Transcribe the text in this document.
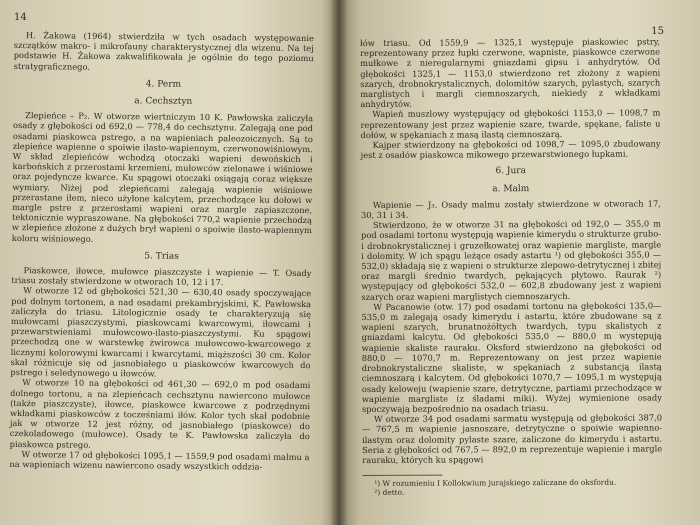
14

H. Żakowa (1964) stwierdziła w tych osadach występowanie szczątków makro- i mikrofauny charakterystycznej dla wizenu. Na tej podstawie H. Żakowa zakwalifikowała je ogólnie do tego poziomu stratygraficznego.

4. Perm
a. Cechsztyn

Zlepieńce – P₂. W otworze wiertniczym 10 K. Pawłowska zaliczyła osady z głębokości od 692,0 — 778,4 do cechsztynu. Zalegają one pod osadami piaskowca pstrego, a na wapieniach paleozoicznych. Są to zlepieńce wapienne o spoiwie ilasto-wapiennym, czerwonowiśniowym. W skład zlepieńców wchodzą otoczaki wapieni dewońskich i karbońskich z przerostami krzemieni, mułowców zielonawe i wiśniowe oraz pojedyncze kwarce. Ku spągowi otoczaki osiągają coraz większe wymiary. Niżej pod zlepieńcami zalegają wapienie wiśniowe przerastane iłem, nieco użyłone kalcytem, przechodzące ku dołowi w margle pstre z przerostami wapieni oraz margle zapiaszczone, tektonicznie wypraszowane. Na głębokości 770,2 wapienie przechodzą w zlepieńce złożone z dużych brył wapieni o spoiwie ilasto-wapiennym koloru wiśniowego.

5. Trias

Piaskowce, iłowce, mułowce piaszczyste i wapienie — T. Osady triasu zostały stwierdzone w otworach 10, 12 i 17.

W otworze 12 od głębokości 521,30 — 630,40 osady spoczywające pod dolnym tortonem, a nad osadami prekambryjskimi, K. Pawłowska zaliczyła do triasu. Litologicznie osady te charakteryzują się mułowcami piaszczystymi, piaskowcami kwarcowymi, iłowcami i przewarstwieniami mułowcowo-ilasto-piaszczystymi. Ku spągowi przechodzą one w warstewkę żwirowca mułowcowo-kwarcowego z licznymi kolorowymi kwarcami i kwarcytami, miąższości 30 cm. Kolor skał różnicuje się od jasnobiałego u piaskowców kwarcowych do pstrego i seledynowego u iłowców.

W otworze 10 na głębokości od 461,30 — 692,0 m pod osadami dolnego tortonu, a na zlepieńcach cechsztynu nawiercono mułowce (także piaszczyste), iłowce, piaskowce kwarcowe z podrzędnymi wkładkami piaskowców z tocześniami iłów. Kolor tych skał podobnie jak w otworze 12 jest różny, od jasnobiałego (piaskowce) do czekoladowego (mułowce). Osady te K. Pawłowska zaliczyła do piaskowca pstrego.

W otworze 17 od głębokości 1095,1 — 1559,9 pod osadami malmu a na wapieniach wizenu nawiercono osady wszystkich oddzia-

15

łów triasu. Od 1559,9 — 1325,1 występuje piaskowiec pstry, reprezentowany przez łupki czerwone, wapniste, piaskowce czerwone mułkowe z nieregularnymi gniazdami gipsu i anhydrytów. Od głębokości 1325,1 — 1153,0 stwierdzono ret złożony z wapieni szarych, drobnokrystalicznych, dolomitów szarych, pylastych, szarych marglistych i margli ciemnoszarych, niekiedy z wkładkami anhydrytów.

Wapień muszlowy występujący od głębokości 1153,0 — 1098,7 m reprezentowany jest przez wapienie szare, twarde, spękane, faliste u dołów, w spękaniach z masą ilastą ciemnoszarą.

Kajper stwierdzony na głębokości od 1098,7 — 1095,0 zbudowany jest z osadów piaskowca mikowego przewarstwionego łupkami.

6. Jura
a. Malm

Wapienie — J₃. Osady malmu zostały stwierdzone w otworach 17, 30, 31 i 34.

Stwierdzono, że w otworze 31 na głębokości od 192,0 — 355,0 m pod osadami tortonu występują wapienie kimerydu o strukturze grubo- i drobnokrystalicznej i gruzełkowatej oraz wapienie margliste, margle i dolomity. W ich spągu leżące osady astartu ¹) od głębokości 355,0 — 532,0) składają się z wapieni o strukturze zlepowo-detrytycznej i zbitej oraz margli średnio twardych, pękających płytowo. Raurak ²) występujący od głębokości 532,0 — 602,8 zbudowany jest z wapieni szarych oraz wapieni marglistych ciemnoszarych.

W Pacanowie (otw. 17) pod osadami tortonu na głębokości 135,0—535,0 m zalegają osady kimerydu i astartu, które zbudowane są z wapieni szarych, brunatnożółtych twardych, typu skalistych z gniazdami kalcytu. Od głębokości 535,0 — 880,0 m występują wapienie skaliste rauraku. Oksford stwierdzono na głębokości od 880,0 — 1070,7 m. Reprezentowany on jest przez wapienie drobnokrystaliczne skaliste, w spękaniach z substancją ilastą ciemnoszarą i kalcytem. Od głębokości 1070,7 — 1095,1 m występują osady keloweju (wapienie szare, detrytyczne, partiami przechodzące w wapienie margliste (z śladami miki). Wyżej wymienione osady spoczywają bezpośrednio na osadach triasu.

W otworze 34 pod osadami sarmatu występują od głębokości 387,0 — 767,5 m wapienie jasnoszare, detrytyczne o spoiwie wapienno-ilastym oraz dolomity pylaste szare, zaliczone do kimerydu i astartu. Seria z głębokości od 767,5 — 892,0 m reprezentuje wapienie i margle rauraku, których ku spągowi

¹) W rozumieniu I Kollokwium jurajskiego zaliczane do oksfordu.

²) detto.
